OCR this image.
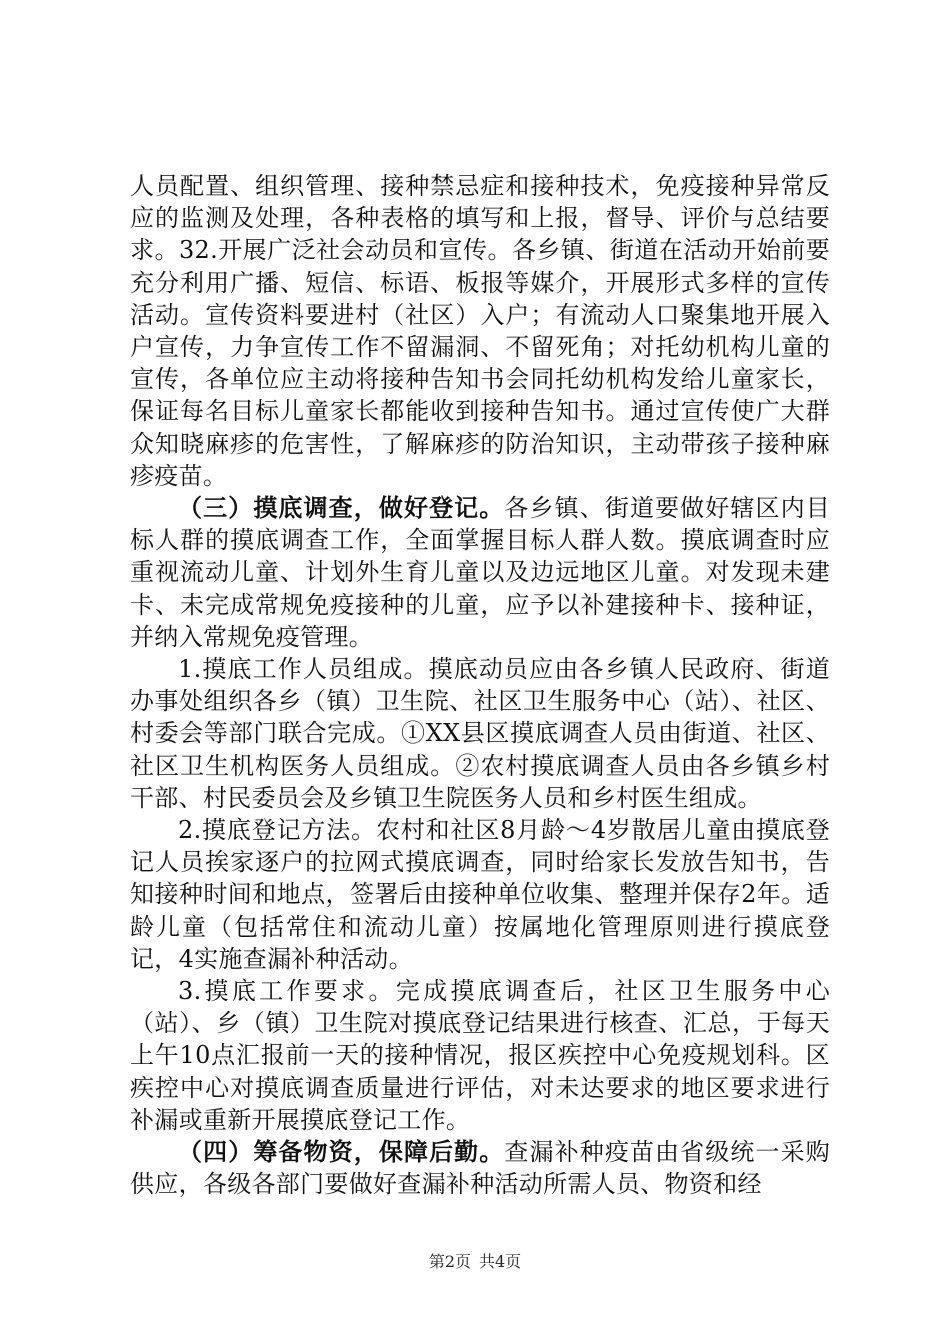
人员配置、组织管理、接种禁忌症和接种技术，免疫接种异常反应的监测及处理，各种表格的填写和上报，督导、评价与总结要求。32.开展广泛社会动员和宣传。各乡镇、街道在活动开始前要充分利用广播、短信、标语、板报等媒介，开展形式多样的宣传活动。宣传资料要进村（社区）入户；有流动人口聚集地开展入户宣传，力争宣传工作不留漏洞、不留死角；对托幼机构儿童的宣传，各单位应主动将接种告知书会同托幼机构发给儿童家长，保证每名目标儿童家长都能收到接种告知书。通过宣传使广大群众知晓麻疹的危害性，了解麻疹的防治知识，主动带孩子接种麻疹疫苗。

（三）摸底调查，做好登记。各乡镇、街道要做好辖区内目标人群的摸底调查工作，全面掌握目标人群人数。摸底调查时应重视流动儿童、计划外生育儿童以及边远地区儿童。对发现未建卡、未完成常规免疫接种的儿童，应予以补建接种卡、接种证，并纳入常规免疫管理。

1.摸底工作人员组成。摸底动员应由各乡镇人民政府、街道办事处组织各乡（镇）卫生院、社区卫生服务中心（站）、社区、村委会等部门联合完成。①XX县区摸底调查人员由街道、社区、社区卫生机构医务人员组成。②农村摸底调查人员由各乡镇乡村干部、村民委员会及乡镇卫生院医务人员和乡村医生组成。

2.摸底登记方法。农村和社区8月龄～4岁散居儿童由摸底登记人员挨家逐户的拉网式摸底调查，同时给家长发放告知书，告知接种时间和地点，签署后由接种单位收集、整理并保存2年。适龄儿童（包括常住和流动儿童）按属地化管理原则进行摸底登记，4实施查漏补种活动。

3.摸底工作要求。完成摸底调查后，社区卫生服务中心（站）、乡（镇）卫生院对摸底登记结果进行核查、汇总，于每天上午10点汇报前一天的接种情况，报区疾控中心免疫规划科。区疾控中心对摸底调查质量进行评估，对未达要求的地区要求进行补漏或重新开展摸底登记工作。

（四）筹备物资，保障后勤。查漏补种疫苗由省级统一采购供应，各级各部门要做好查漏补种活动所需人员、物资和经

第2页 共4页
